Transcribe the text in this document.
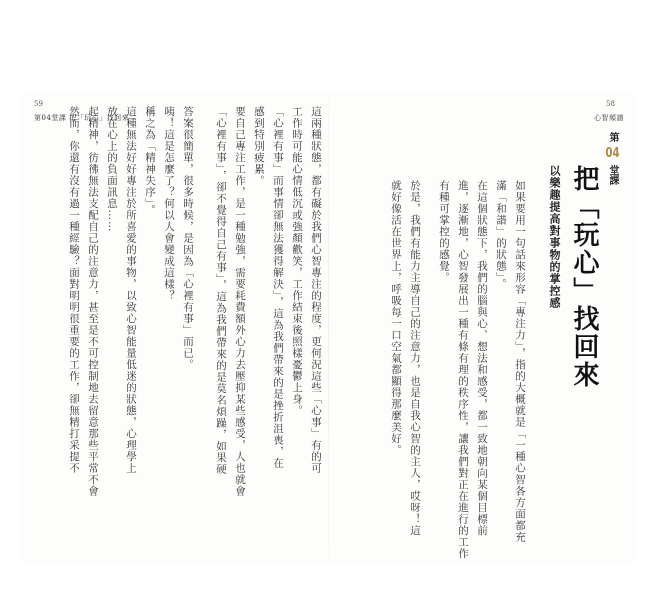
59
第04堂課 把「玩心」找回來	這兩種狀態，都有礙於我們心智專注的程度，更何況這些「心事」有的可
工作時可能心情低沉或強顏歡笑，工作結束後照樣憂鬱上身。
「心裡有事」而事情卻無法獲得解決」，這為我們帶來的是挫折沮喪，在
感到特別疲累。
要自己專注工作，是一種勉強，需要耗費額外心力去壓抑某些感受，人也就會
「心裡有事」，卻不覺得自己有事」，這為我們帶來的是莫名煩躁，如果硬
答案很簡單，很多時候，是因為「心裡有事」而已。
咦！這是怎麼了？何以人會變成這樣？
稱之為「精神失序」。
這種無法好好專注於所喜愛的事物，以致心智能量低迷的狀態，心理學上
放在心上的負面訊息……
起精神，彷彿無法支配自己的注意力，甚至是不可控制地去留意那些平常不會
然而，你還有沒有過一種經驗？面對明明很重要的工作，卻無精打采提不
58
心智頻譜
第 04 堂課
把「玩心」找回來
以樂趣提高對事物的掌控感
如果要用一句話來形容「專注力」，指的大概就是「一種心智各方面都充
滿「和諧」的狀態」。
在這個狀態下，我們的腦與心、想法和感受，都一致地朝向某個目標前
進，逐漸地，心智發展出一種有條有理的秩序性，讓我們對正在進行的工作
有種可掌控的感覺。
於是，我們有能力主導自己的注意力，也是自我心智的主人，哎呀！這
就好像活在世界上，呼吸每一口空氣都顯得那麼美好。
